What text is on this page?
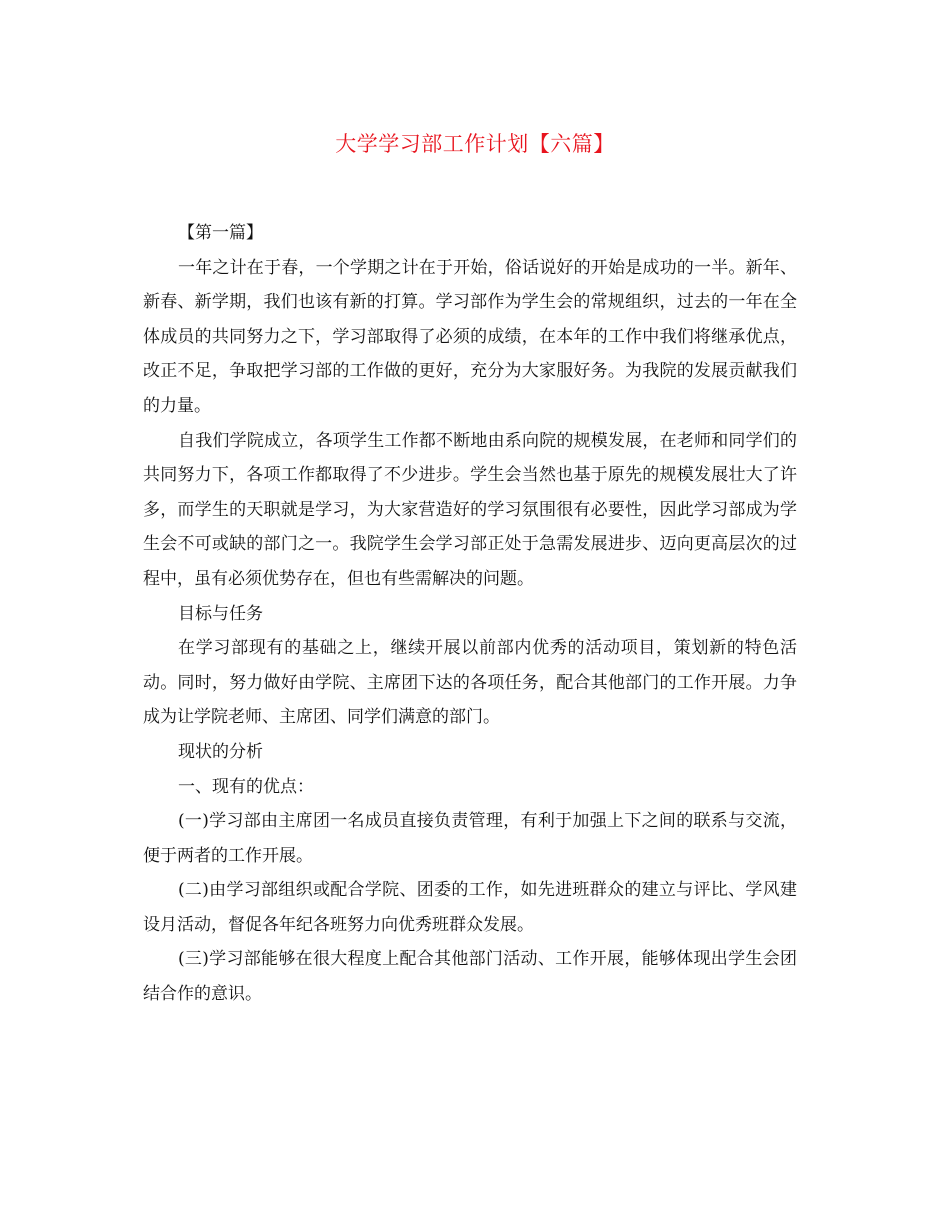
大学学习部工作计划【六篇】

【第一篇】

一年之计在于春，一个学期之计在于开始，俗话说好的开始是成功的一半。新年、新春、新学期，我们也该有新的打算。学习部作为学生会的常规组织，过去的一年在全体成员的共同努力之下，学习部取得了必须的成绩，在本年的工作中我们将继承优点，改正不足，争取把学习部的工作做的更好，充分为大家服好务。为我院的发展贡献我们的力量。

自我们学院成立，各项学生工作都不断地由系向院的规模发展，在老师和同学们的共同努力下，各项工作都取得了不少进步。学生会当然也基于原先的规模发展壮大了许多，而学生的天职就是学习，为大家营造好的学习氛围很有必要性，因此学习部成为学生会不可或缺的部门之一。我院学生会学习部正处于急需发展进步、迈向更高层次的过程中，虽有必须优势存在，但也有些需解决的问题。

目标与任务

在学习部现有的基础之上，继续开展以前部内优秀的活动项目，策划新的特色活动。同时，努力做好由学院、主席团下达的各项任务，配合其他部门的工作开展。力争成为让学院老师、主席团、同学们满意的部门。

现状的分析

一、现有的优点：

(一)学习部由主席团一名成员直接负责管理，有利于加强上下之间的联系与交流，便于两者的工作开展。

(二)由学习部组织或配合学院、团委的工作，如先进班群众的建立与评比、学风建设月活动，督促各年纪各班努力向优秀班群众发展。

(三)学习部能够在很大程度上配合其他部门活动、工作开展，能够体现出学生会团结合作的意识。
